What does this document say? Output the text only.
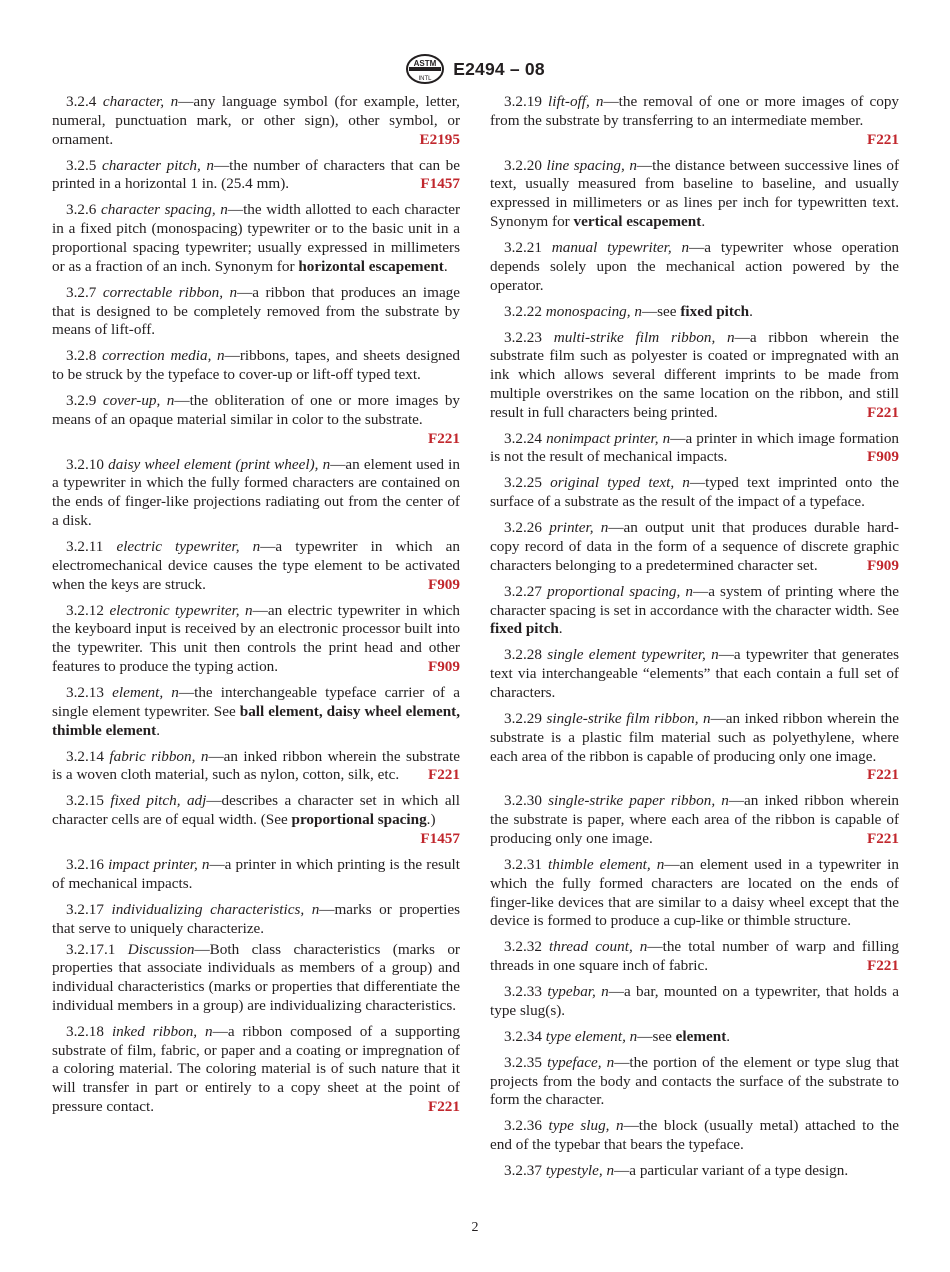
ASTM
INTL
E2494 – 08

3.2.4 character, n—any language symbol (for example, letter, numeral, punctuation mark, or other sign), other symbol, or ornament.	E2195

3.2.5 character pitch, n—the number of characters that can be printed in a horizontal 1 in. (25.4 mm).	F1457

3.2.6 character spacing, n—the width allotted to each character in a fixed pitch (monospacing) typewriter or to the basic unit in a proportional spacing typewriter; usually expressed in millimeters or as a fraction of an inch. Synonym for horizontal escapement.

3.2.7 correctable ribbon, n—a ribbon that produces an image that is designed to be completely removed from the substrate by means of lift-off.

3.2.8 correction media, n—ribbons, tapes, and sheets designed to be struck by the typeface to cover-up or lift-off typed text.

3.2.9 cover-up, n—the obliteration of one or more images by means of an opaque material similar in color to the substrate.
F221

3.2.10 daisy wheel element (print wheel), n—an element used in a typewriter in which the fully formed characters are contained on the ends of finger-like projections radiating out from the center of a disk.

3.2.11 electric typewriter, n—a typewriter in which an electromechanical device causes the type element to be activated when the keys are struck.	F909

3.2.12 electronic typewriter, n—an electric typewriter in which the keyboard input is received by an electronic processor built into the typewriter. This unit then controls the print head and other features to produce the typing action.	F909

3.2.13 element, n—the interchangeable typeface carrier of a single element typewriter. See ball element, daisy wheel element, thimble element.

3.2.14 fabric ribbon, n—an inked ribbon wherein the substrate is a woven cloth material, such as nylon, cotton, silk, etc.	F221

3.2.15 fixed pitch, adj—describes a character set in which all character cells are of equal width. (See proportional spacing.)
F1457

3.2.16 impact printer, n—a printer in which printing is the result of mechanical impacts.

3.2.17 individualizing characteristics, n—marks or properties that serve to uniquely characterize.

3.2.17.1 Discussion—Both class characteristics (marks or properties that associate individuals as members of a group) and individual characteristics (marks or properties that differentiate the individual members in a group) are individualizing characteristics.

3.2.18 inked ribbon, n—a ribbon composed of a supporting substrate of film, fabric, or paper and a coating or impregnation of a coloring material. The coloring material is of such nature that it will transfer in part or entirely to a copy sheet at the point of pressure contact.	F221

3.2.19 lift-off, n—the removal of one or more images of copy from the substrate by transferring to an intermediate member.
F221

3.2.20 line spacing, n—the distance between successive lines of text, usually measured from baseline to baseline, and usually expressed in millimeters or as lines per inch for typewritten text. Synonym for vertical escapement.

3.2.21 manual typewriter, n—a typewriter whose operation depends solely upon the mechanical action powered by the operator.

3.2.22 monospacing, n—see fixed pitch.

3.2.23 multi-strike film ribbon, n—a ribbon wherein the substrate film such as polyester is coated or impregnated with an ink which allows several different imprints to be made from multiple overstrikes on the same location on the ribbon, and still result in full characters being printed.	F221

3.2.24 nonimpact printer, n—a printer in which image formation is not the result of mechanical impacts.	F909

3.2.25 original typed text, n—typed text imprinted onto the surface of a substrate as the result of the impact of a typeface.

3.2.26 printer, n—an output unit that produces durable hard-copy record of data in the form of a sequence of discrete graphic characters belonging to a predetermined character set.	F909

3.2.27 proportional spacing, n—a system of printing where the character spacing is set in accordance with the character width. See fixed pitch.

3.2.28 single element typewriter, n—a typewriter that generates text via interchangeable “elements” that each contain a full set of characters.

3.2.29 single-strike film ribbon, n—an inked ribbon wherein the substrate is a plastic film material such as polyethylene, where each area of the ribbon is capable of producing only one image.
F221

3.2.30 single-strike paper ribbon, n—an inked ribbon wherein the substrate is paper, where each area of the ribbon is capable of producing only one image.	F221

3.2.31 thimble element, n—an element used in a typewriter in which the fully formed characters are located on the ends of finger-like devices that are similar to a daisy wheel except that the device is formed to produce a cup-like or thimble structure.

3.2.32 thread count, n—the total number of warp and filling threads in one square inch of fabric.	F221

3.2.33 typebar, n—a bar, mounted on a typewriter, that holds a type slug(s).

3.2.34 type element, n—see element.

3.2.35 typeface, n—the portion of the element or type slug that projects from the body and contacts the surface of the substrate to form the character.

3.2.36 type slug, n—the block (usually metal) attached to the end of the typebar that bears the typeface.

3.2.37 typestyle, n—a particular variant of a type design.

2
